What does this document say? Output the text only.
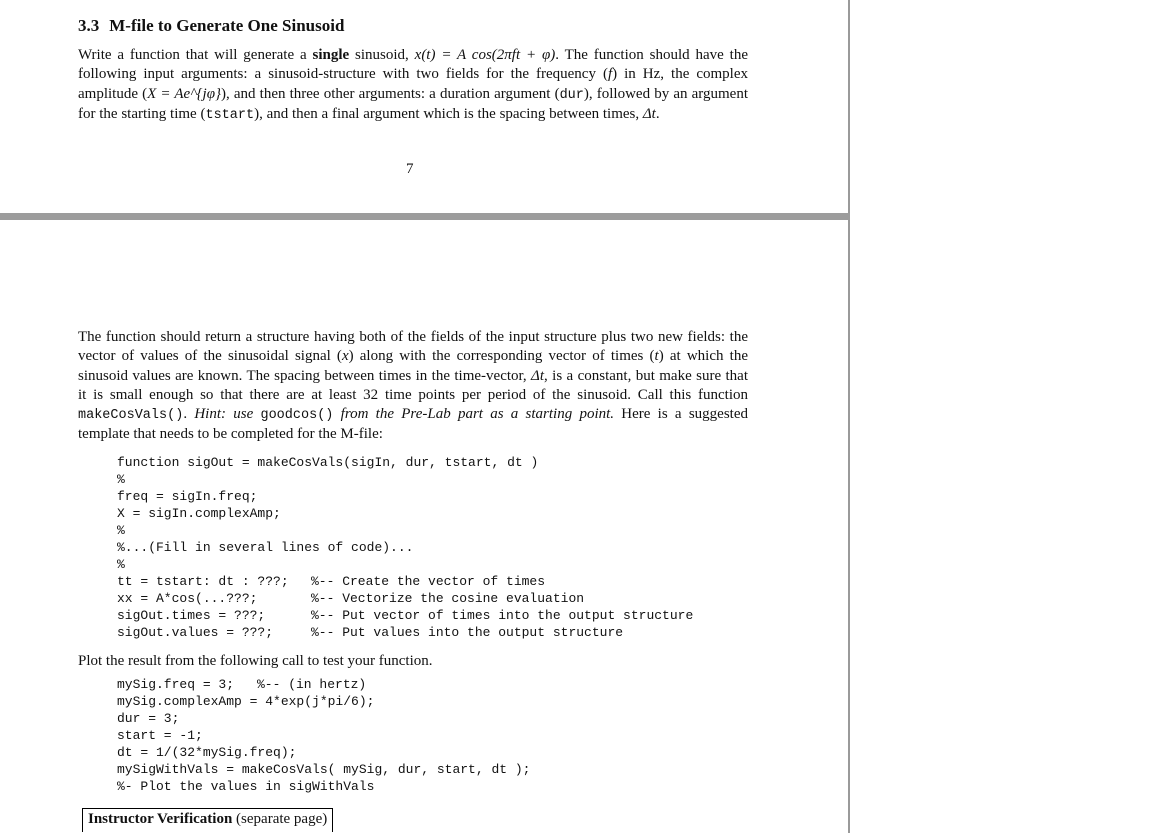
3.3 M-file to Generate One Sinusoid

Write a function that will generate a single sinusoid, x(t) = A cos(2πft + φ). The function should have the following input arguments: a sinusoid-structure with two fields for the frequency (f) in Hz, the complex amplitude (X = Ae^{jφ}), and then three other arguments: a duration argument (dur), followed by an argument for the starting time (tstart), and then a final argument which is the spacing between times, Δt.

7

The function should return a structure having both of the fields of the input structure plus two new fields: the vector of values of the sinusoidal signal (x) along with the corresponding vector of times (t) at which the sinusoid values are known. The spacing between times in the time-vector, Δt, is a constant, but make sure that it is small enough so that there are at least 32 time points per period of the sinusoid. Call this function makeCosVals(). Hint: use goodcos() from the Pre-Lab part as a starting point. Here is a suggested template that needs to be completed for the M-file:

function sigOut = makeCosVals(sigIn, dur, tstart, dt )
%
freq = sigIn.freq;
X = sigIn.complexAmp;
%
%...(Fill in several lines of code)...
%
tt = tstart: dt : ???; %-- Create the vector of times
xx = A*cos(...???;	%-- Vectorize the cosine evaluation
sigOut.times = ???;	%-- Put vector of times into the output structure
sigOut.values = ???;	%-- Put values into the output structure
Plot the result from the following call to test your function.
mySig.freq = 3; %-- (in hertz)
mySig.complexAmp = 4*exp(j*pi/6);
dur = 3;
start = -1;
dt = 1/(32*mySig.freq);
mySigWithVals = makeCosVals( mySig, dur, start, dt );
%- Plot the values in sigWithVals
Instructor Verification (separate page)
